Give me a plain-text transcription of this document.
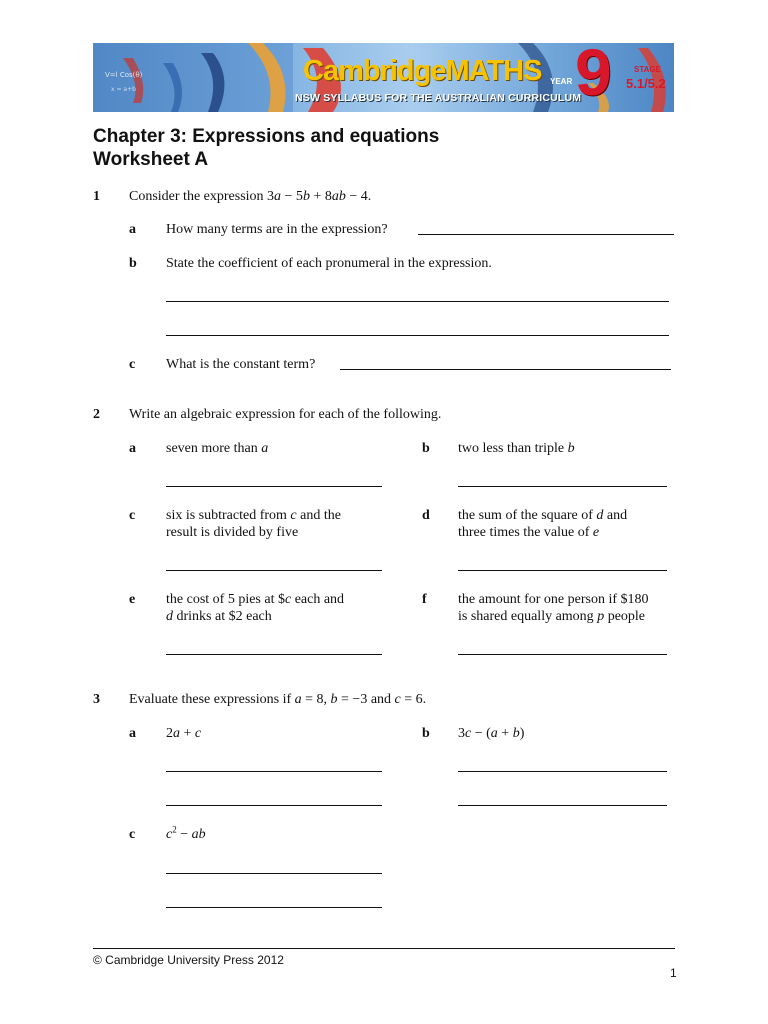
V=l Cos(θ)
x = a+b
CambridgeMATHS
NSW SYLLABUS FOR THE AUSTRALIAN CURRICULUM
YEAR 9	STAGE
5.1/5.2
Chapter 3: Expressions and equations
Worksheet A
1 Consider the expression 3a − 5b + 8ab − 4.
a How many terms are in the expression?
b State the coefficient of each pronumeral in the expression.
c What is the constant term?
2 Write an algebraic expression for each of the following.
a seven more than a	b two less than triple b
c six is subtracted from c and the
result is divided by five
d the sum of the square of d and
three times the value of e
e the cost of 5 pies at $c each and
d drinks at $2 each
f the amount for one person if $180
is shared equally among p people
3 Evaluate these expressions if a = 8, b = −3 and c = 6.
a 2a + c	b 3c − (a + b)
c $c^2$ − ab
© Cambridge University Press 2012
1
